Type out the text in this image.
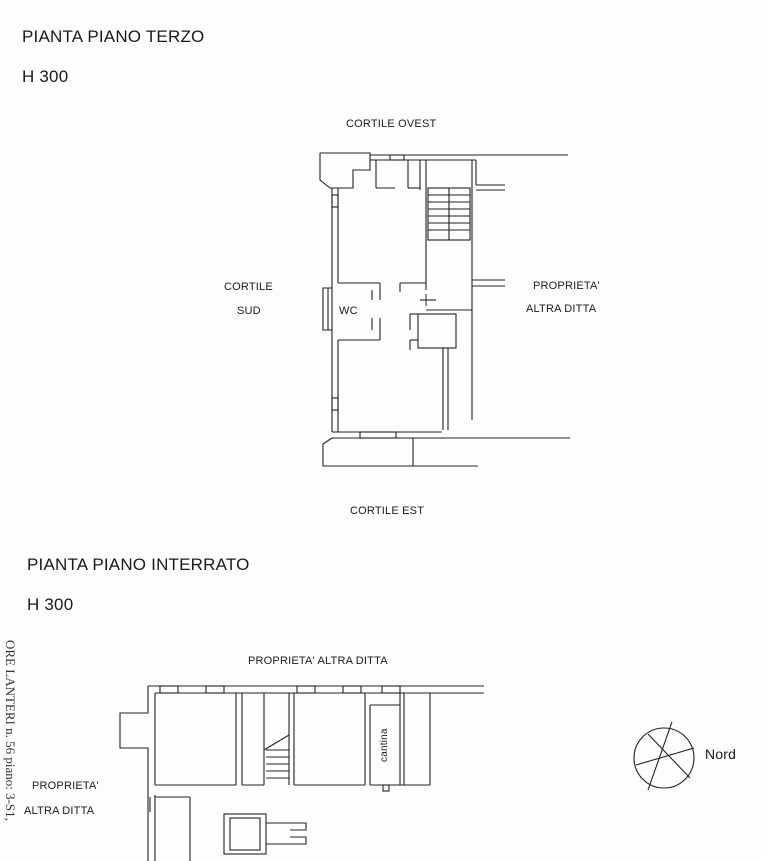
PIANTA PIANO TERZO
H 300
PIANTA PIANO INTERRATO
H 300
CORTILE OVEST
CORTILE
SUD
PROPRIETA'
ALTRA DITTA
CORTILE EST
WC
PROPRIETA' ALTRA DITTA
PROPRIETA'
ALTRA DITTA
cantina	Nord
ORE LANTERI n. 56 piano: 3-S1,
